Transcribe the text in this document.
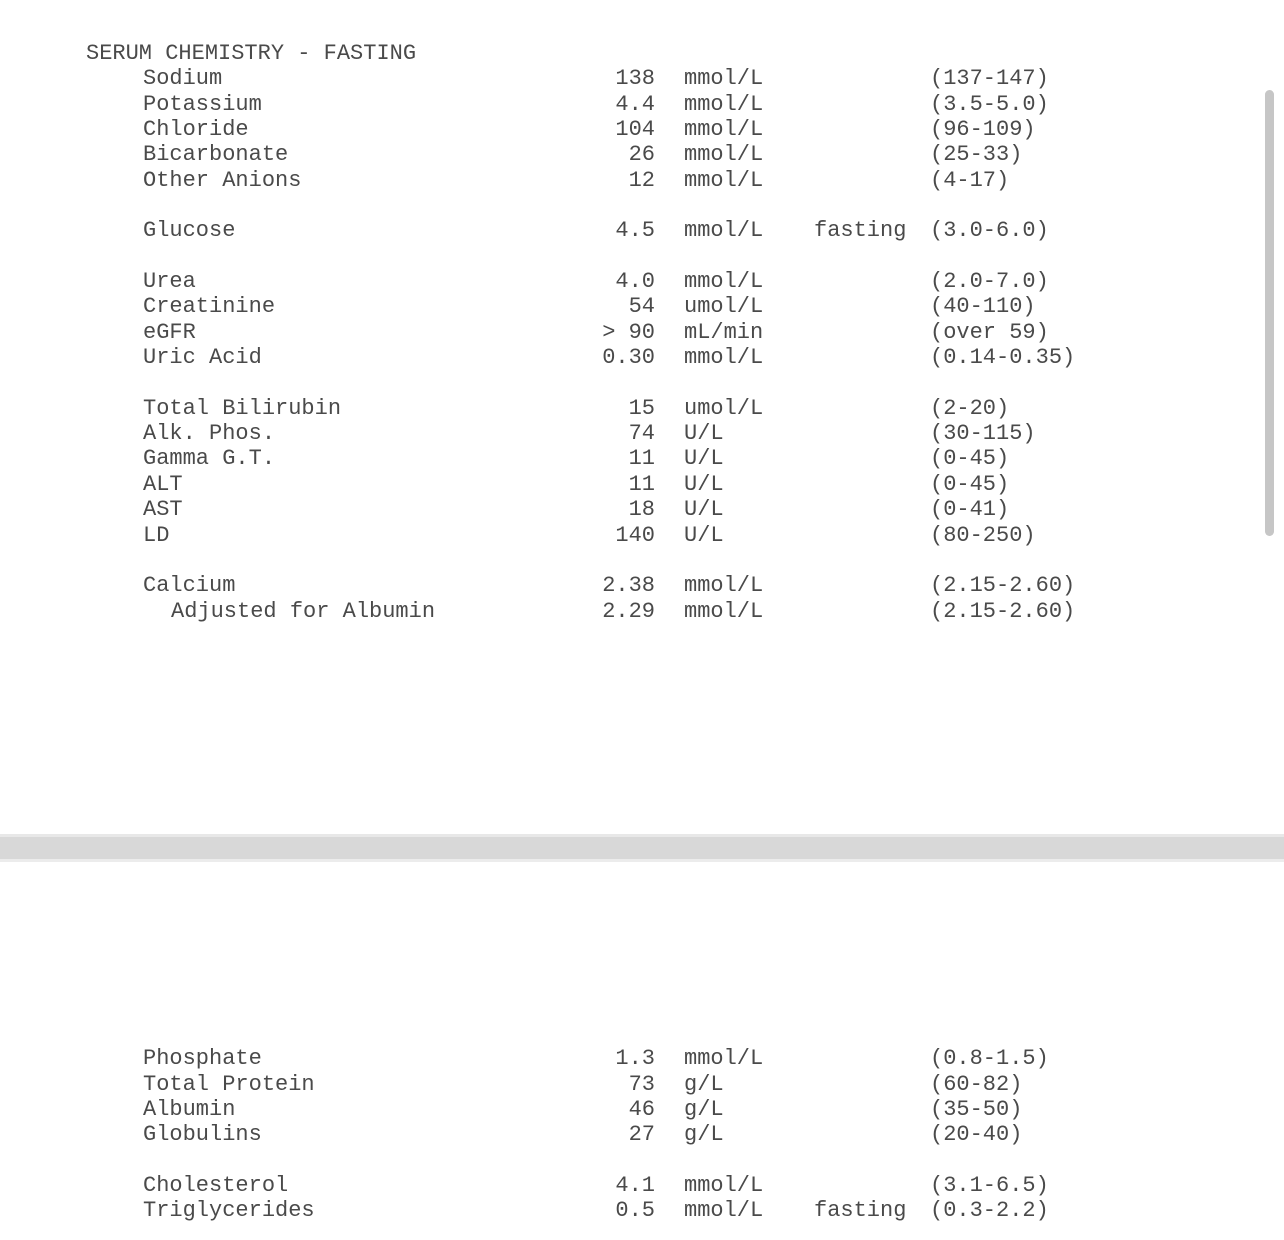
SERUM CHEMISTRY - FASTING
Sodium	138 mmol/L	(137-147)
Potassium	4.4 mmol/L	(3.5-5.0)
Chloride	104 mmol/L	(96-109)
Bicarbonate	26 mmol/L	(25-33)
Other Anions	12 mmol/L	(4-17)
Glucose	4.5 mmol/L fasting (3.0-6.0)
Urea	4.0 mmol/L	(2.0-7.0)
Creatinine	54 umol/L	(40-110)
eGFR	> 90 mL/min	(over 59)
Uric Acid	0.30 mmol/L	(0.14-0.35)
Total Bilirubin	15 umol/L	(2-20)
Alk. Phos.	74 U/L	(30-115)
Gamma G.T.	11 U/L	(0-45)
ALT	11 U/L	(0-45)
AST	18 U/L	(0-41)
LD	140 U/L	(80-250)
Calcium	2.38 mmol/L	(2.15-2.60)
Adjusted for Albumin	2.29 mmol/L	(2.15-2.60)
Phosphate	1.3 mmol/L	(0.8-1.5)
Total Protein	73 g/L	(60-82)
Albumin	46 g/L	(35-50)
Globulins	27 g/L	(20-40)
Cholesterol	4.1 mmol/L	(3.1-6.5)
Triglycerides	0.5 mmol/L fasting (0.3-2.2)
